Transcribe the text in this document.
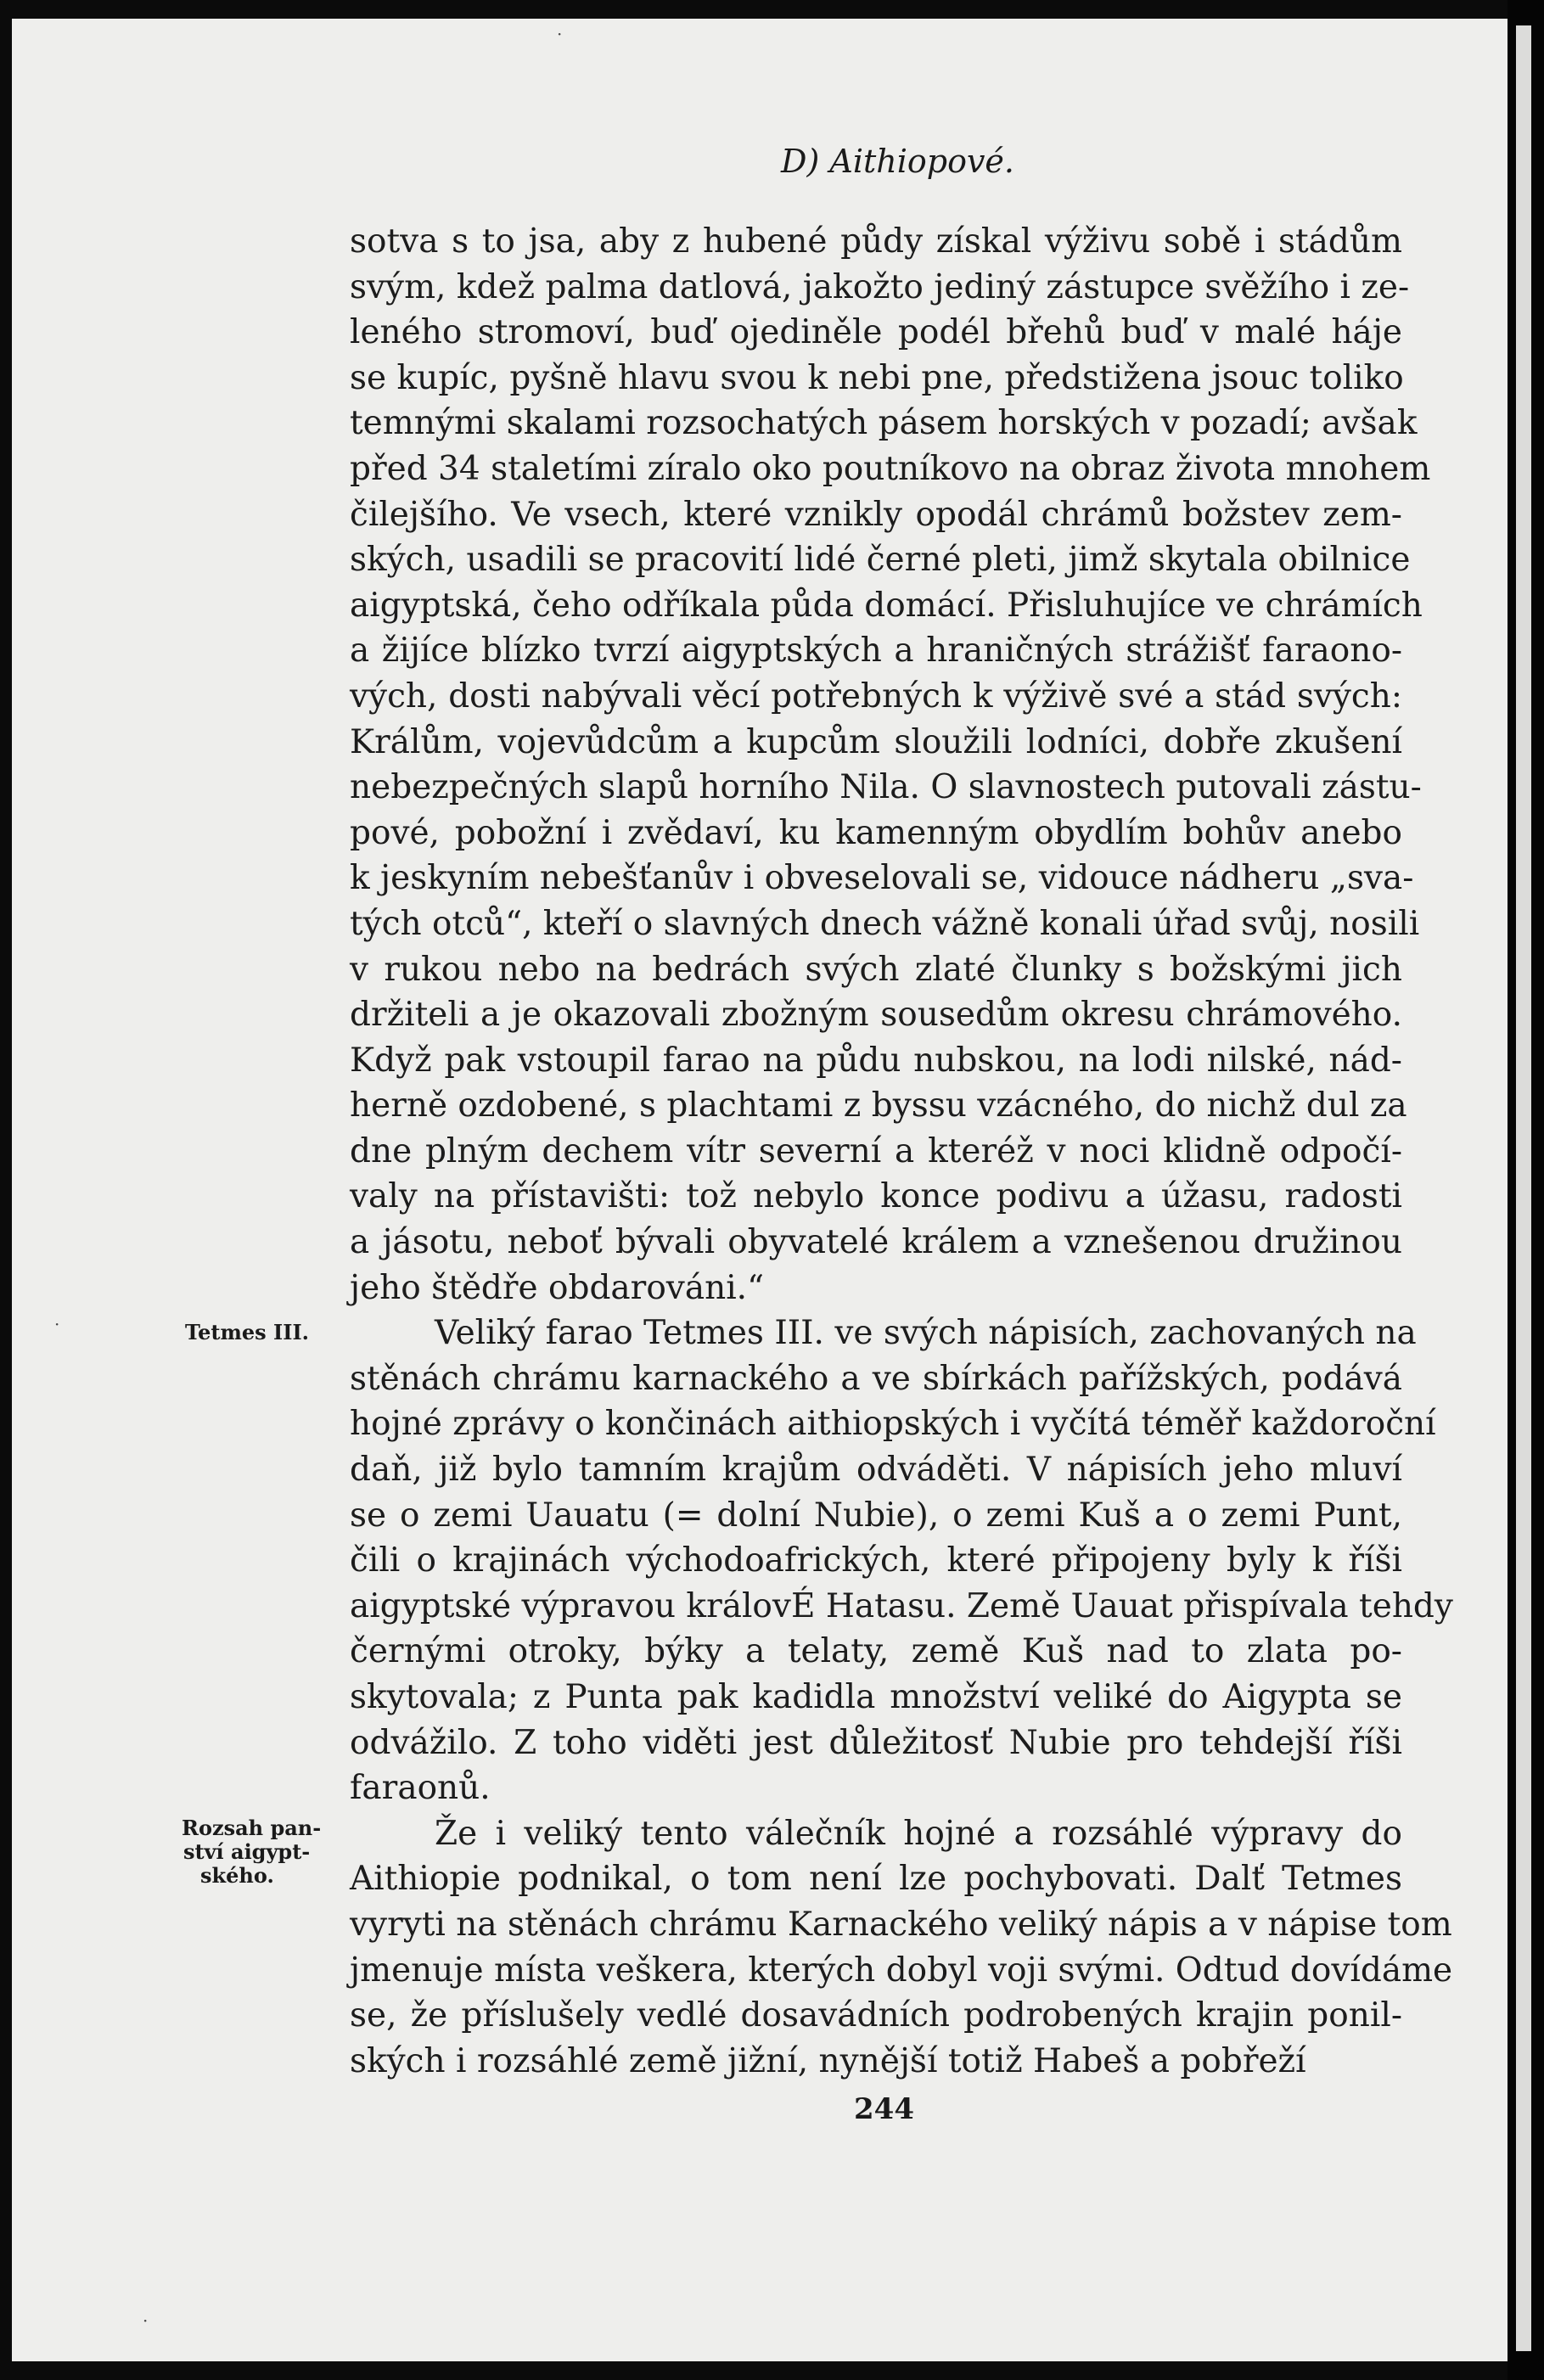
D) Aithiopové.
sotva s to jsa, aby z hubené půdy získal výživu sobě i stádům
svým, kdež palma datlová, jakožto jediný zástupce svěžího i ze-
leného stromoví, buď ojediněle podél břehů buď v malé háje
se kupíc, pyšně hlavu svou k nebi pne, předstižena jsouc toliko
temnými skalami rozsochatých pásem horských v pozadí; avšak
před 34 staletími zíralo oko poutníkovo na obraz života mnohem
čilejšího. Ve vsech, které vznikly opodál chrámů božstev zem-
ských, usadili se pracovití lidé černé pleti, jimž skytala obilnice
aigyptská, čeho odříkala půda domácí. Přisluhujíce ve chrámích
a žijíce blízko tvrzí aigyptských a hraničných strážišť faraono-
vých, dosti nabývali věcí potřebných k výživě své a stád svých:
Králům, vojevůdcům a kupcům sloužili lodníci, dobře zkušení
nebezpečných slapů horního Nila. O slavnostech putovali zástu-
pové, pobožní i zvědaví, ku kamenným obydlím bohův anebo
k jeskyním nebešťanův i obveselovali se, vidouce nádheru „sva-
tých otců“, kteří o slavných dnech vážně konali úřad svůj, nosili
v rukou nebo na bedrách svých zlaté člunky s božskými jich
držiteli a je okazovali zbožným sousedům okresu chrámového.
Když pak vstoupil farao na půdu nubskou, na lodi nilské, nád-
herně ozdobené, s plachtami z byssu vzácného, do nichž dul za
dne plným dechem vítr severní a kteréž v noci klidně odpočí-
valy na přístavišti: tož nebylo konce podivu a úžasu, radosti
a jásotu, neboť bývali obyvatelé králem a vznešenou družinou
jeho štědře obdarováni.“
Veliký farao Tetmes III. ve svých nápisích, zachovaných na
stěnách chrámu karnackého a ve sbírkách pařížských, podává
hojné zprávy o končinách aithiopských i vyčítá téměř každoroční
daň, již bylo tamním krajům odváděti. V nápisích jeho mluví
se o zemi Uauatu (= dolní Nubie), o zemi Kuš a o zemi Punt,
čili o krajinách východoafrických, které připojeny byly k říši
aigyptské výpravou královÉ Hatasu. Země Uauat přispívala tehdy
černými otroky, býky a telaty, země Kuš nad to zlata po-
skytovala; z Punta pak kadidla množství veliké do Aigypta se
odvážilo. Z toho viděti jest důležitosť Nubie pro tehdejší říši
faraonů.
Že i veliký tento válečník hojné a rozsáhlé výpravy do
Aithiopie podnikal, o tom není lze pochybovati. Dalť Tetmes
vyryti na stěnách chrámu Karnackého veliký nápis a v nápise tom
jmenuje místa veškera, kterých dobyl voji svými. Odtud dovídáme
se, že příslušely vedlé dosavádních podrobených krajin ponil-
ských i rozsáhlé země jižní, nynější totiž Habeš a pobřeží
Tetmes III.
Rozsah pan-
ství aigypt-
ského.
244
·
·
·
